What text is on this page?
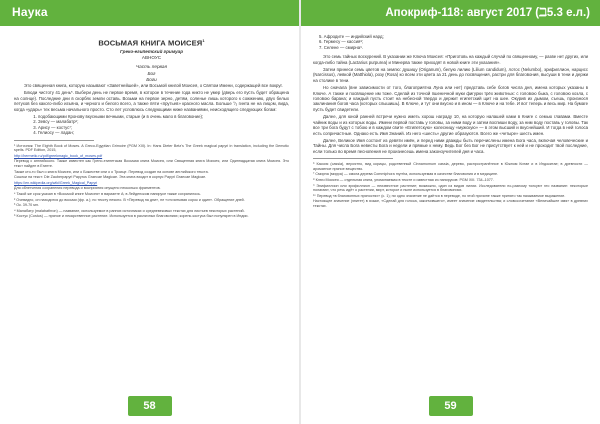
Наука
ВОСЬМАЯ КНИГА МОИСЕЯ$^1$
Греко-египетский гримуар
АВНОУС
Часть первая
Бог
Боги

Это священная книга, которую называют «Заветнейшей», или Восьмой книгой Моисея, о Святом Имени, содержащей все вокруг.

Блюди чистоту 41 день*. Выбери день не первое время, в которое в течение года никто не умер (дверь его пусть будет обращена на солнце). Последние дни в скорбях земли оставь. Возьми на первое зерно, детям, соленье лишь которого к сожжению, двух белых петухов без какого-либо изъяна, и черного и белого всего, а также пяти «прутьев» красного масла. Больше °⁄₃ гинта не на лицом, вида, когда «ударь» тех весьма начального просто. Сто лет условлюсь следующими ниже названиями, неисходящего следующих богам:

1. подобающими Кронову вкусными вечными, старые (и в очень мало в благовоние);
2. Зевсу — малабатр⁶;
3. Арису — костус⁷;
4. Гелиосу — ладан;
¹ Источник: The Eighth Book of Moses. A Greco-Egyptian Grimoire (PGM XIII). In: Hans Dieter Betz's The Greek magical papyri in translation, including the Demotic spells. PDF Edition, 2015,
http://hermetic.ru/pdf/greekmagic_book_of_moses.pdf
Перевод с английского. Также известен как Грено-египетская Восьмая книга Моисея, или Священная книга Моисея, или Одиннадцатая книга Моисея. Это текст найден в Египте.
Также кто-то был о книга Моисея, или о Божестве или о о Троице. Перевод создан на основе английского текста.
Ссылки на текст: Die Zauberpapyri Papyrus Graecae Magicae. Эта книга входит в корпус Papyri Graecae Magicae.
https://en.wikipedia.org/wiki/Greek_Magical_Papyri
Для облегчения сохранения перевода и восприятия опущено несколько фрагментов.
* Такой же срок указан в «Восьмой книге Моисея» в варианте А; в Лейденском папирусе также сохранилось.
² Очевидно, он находится до восьми (фр. a.); по тексту неясно. В «Перевод на дни», не «отсчитывая сорок и один». Обращение дней.
³ Ок. 39-70 мл.
⁴ Малабатр (malabathron) — название, используемое в ранних источниках и средневековых текстах для листьев некоторых растений.
⁵ Костус (Costus) — пряное и лекарственное растение. Используется в различных благовониях; корень костуса был популярен в Индии.
58
Апокриф-118: август 2017 (ℶ5.3 е.л.)
5. Афродите — индийский нард;
6. Гермесу — кассия⁸;
7. Селене — смирна⁹.

Это семь тайных воскурений. В указании же Ключа Моисея: «Приготовь на каждый случай по священному, — разве нет других, или когда-либо тайна (Lactarius purpurea) и Минерва также приходят в новой книге эти указания».

Затем принеси семь цветов на землю: душицу (Origanum), белую лилию (Lilium candidum), лотос (Nelumbo), эрифиллион, нарцисс (Narcissus), левкой (Matthiola), розу (Rosa) ко всем эти цвета за 21 день до посвящения, растри для благовония, высуши в тени и держи на столике в тени.

Но сначала (вне зависимости от того, благоприятна Луна или нет) представь себе богов числа дня, имена которых указаны в Ключе. А также и посвящение им тоже. Сделай из точной пшеничной муки фигурки трёх животных: с головою быка, с головою козла, с головою барана; и каждый пусть стоит на небесной твердо и держит египетский щит на шее. Окурив их дымом, съешь, произнося заклинания богов часа (которых слышишь). В Ключе, и тут они вкусно и в ином — в Ключе и на тебе. И вот теперь и весь мир. На бумаге пусть будет свидетели.

Далее, для юной ранней встречи нужно иметь хорош награду 10, на которую налашей ками в Книге с семью главами. Вместе чайник воды и из которых воды. Имени первой поставь у головы, за ними воду и затем воспиши воду, за ним воду поставь у головы. Так все три бога будут с тобою и в каждом свите «Египетскую» колесницу «мужскую» — в этом высший и вкуснейший. И тогда в ней голоса есть сопричастные. Однако есть Имя Знаний. Из него «шесть» другие образуются. Всего же «четыре» шесть имен.

Далее, Великое Имя состоит из девяти имён, и перед ними дважды быть перечислены имена Бога часа, включая человеческие и Тайны. Для числа Бога невесты Бога и недели и прямые к нему. Ведь Бог без Бог не присутствует к ней и не проходит твой последние, если только во время песнопения не произнесешь имена законоучителей дня и часа.

⁶ Кассия (cassia), вероятно, вид корицы, родственный Cinnamomum cassia, дерево, распространённое в Южном Китае и в Индокитае; в древности — ароматное пряное вещество.
⁷ Смирна (мирра) — смола дерева Commiphora myrrha, используемая в качестве благовония и в медицине.
⁸ Ключ Моисея — отдельная книга, упоминаемая в тексте и известная из папирусов: PGM XIII. 734–1077.
⁹ Эпифиллион или эрифиллион — неизвестное растение; возможно, один из видов лилии. Исследователи по-разному толкуют это название: некоторые полагают, что речь идёт о растении, мирт, которое и ныне используется в благовониях.
¹⁰ Перевод «в благовонных пряностях» (с. 1); ни одно значение не даётся в переводе, по этой причине также принято так называемое выражение.
Настоящее значение (эпитет) в языке, «Сделай для голоса, закончившего», имеет значение свидетельства; и словосочетание «Величайшее имя» в древних текстах.
59
